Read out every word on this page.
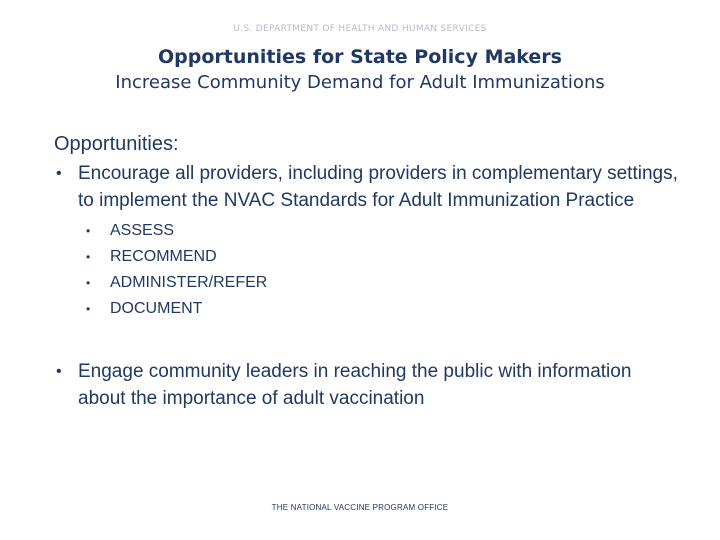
U.S. DEPARTMENT OF HEALTH AND HUMAN SERVICES
Opportunities for State Policy Makers
Increase Community Demand for Adult Immunizations
Opportunities:
• Encourage all providers, including providers in complementary settings, to implement the NVAC Standards for Adult Immunization Practice
• ASSESS
• RECOMMEND
• ADMINISTER/REFER
• DOCUMENT
• Engage community leaders in reaching the public with information about the importance of adult vaccination
THE NATIONAL VACCINE PROGRAM OFFICE
